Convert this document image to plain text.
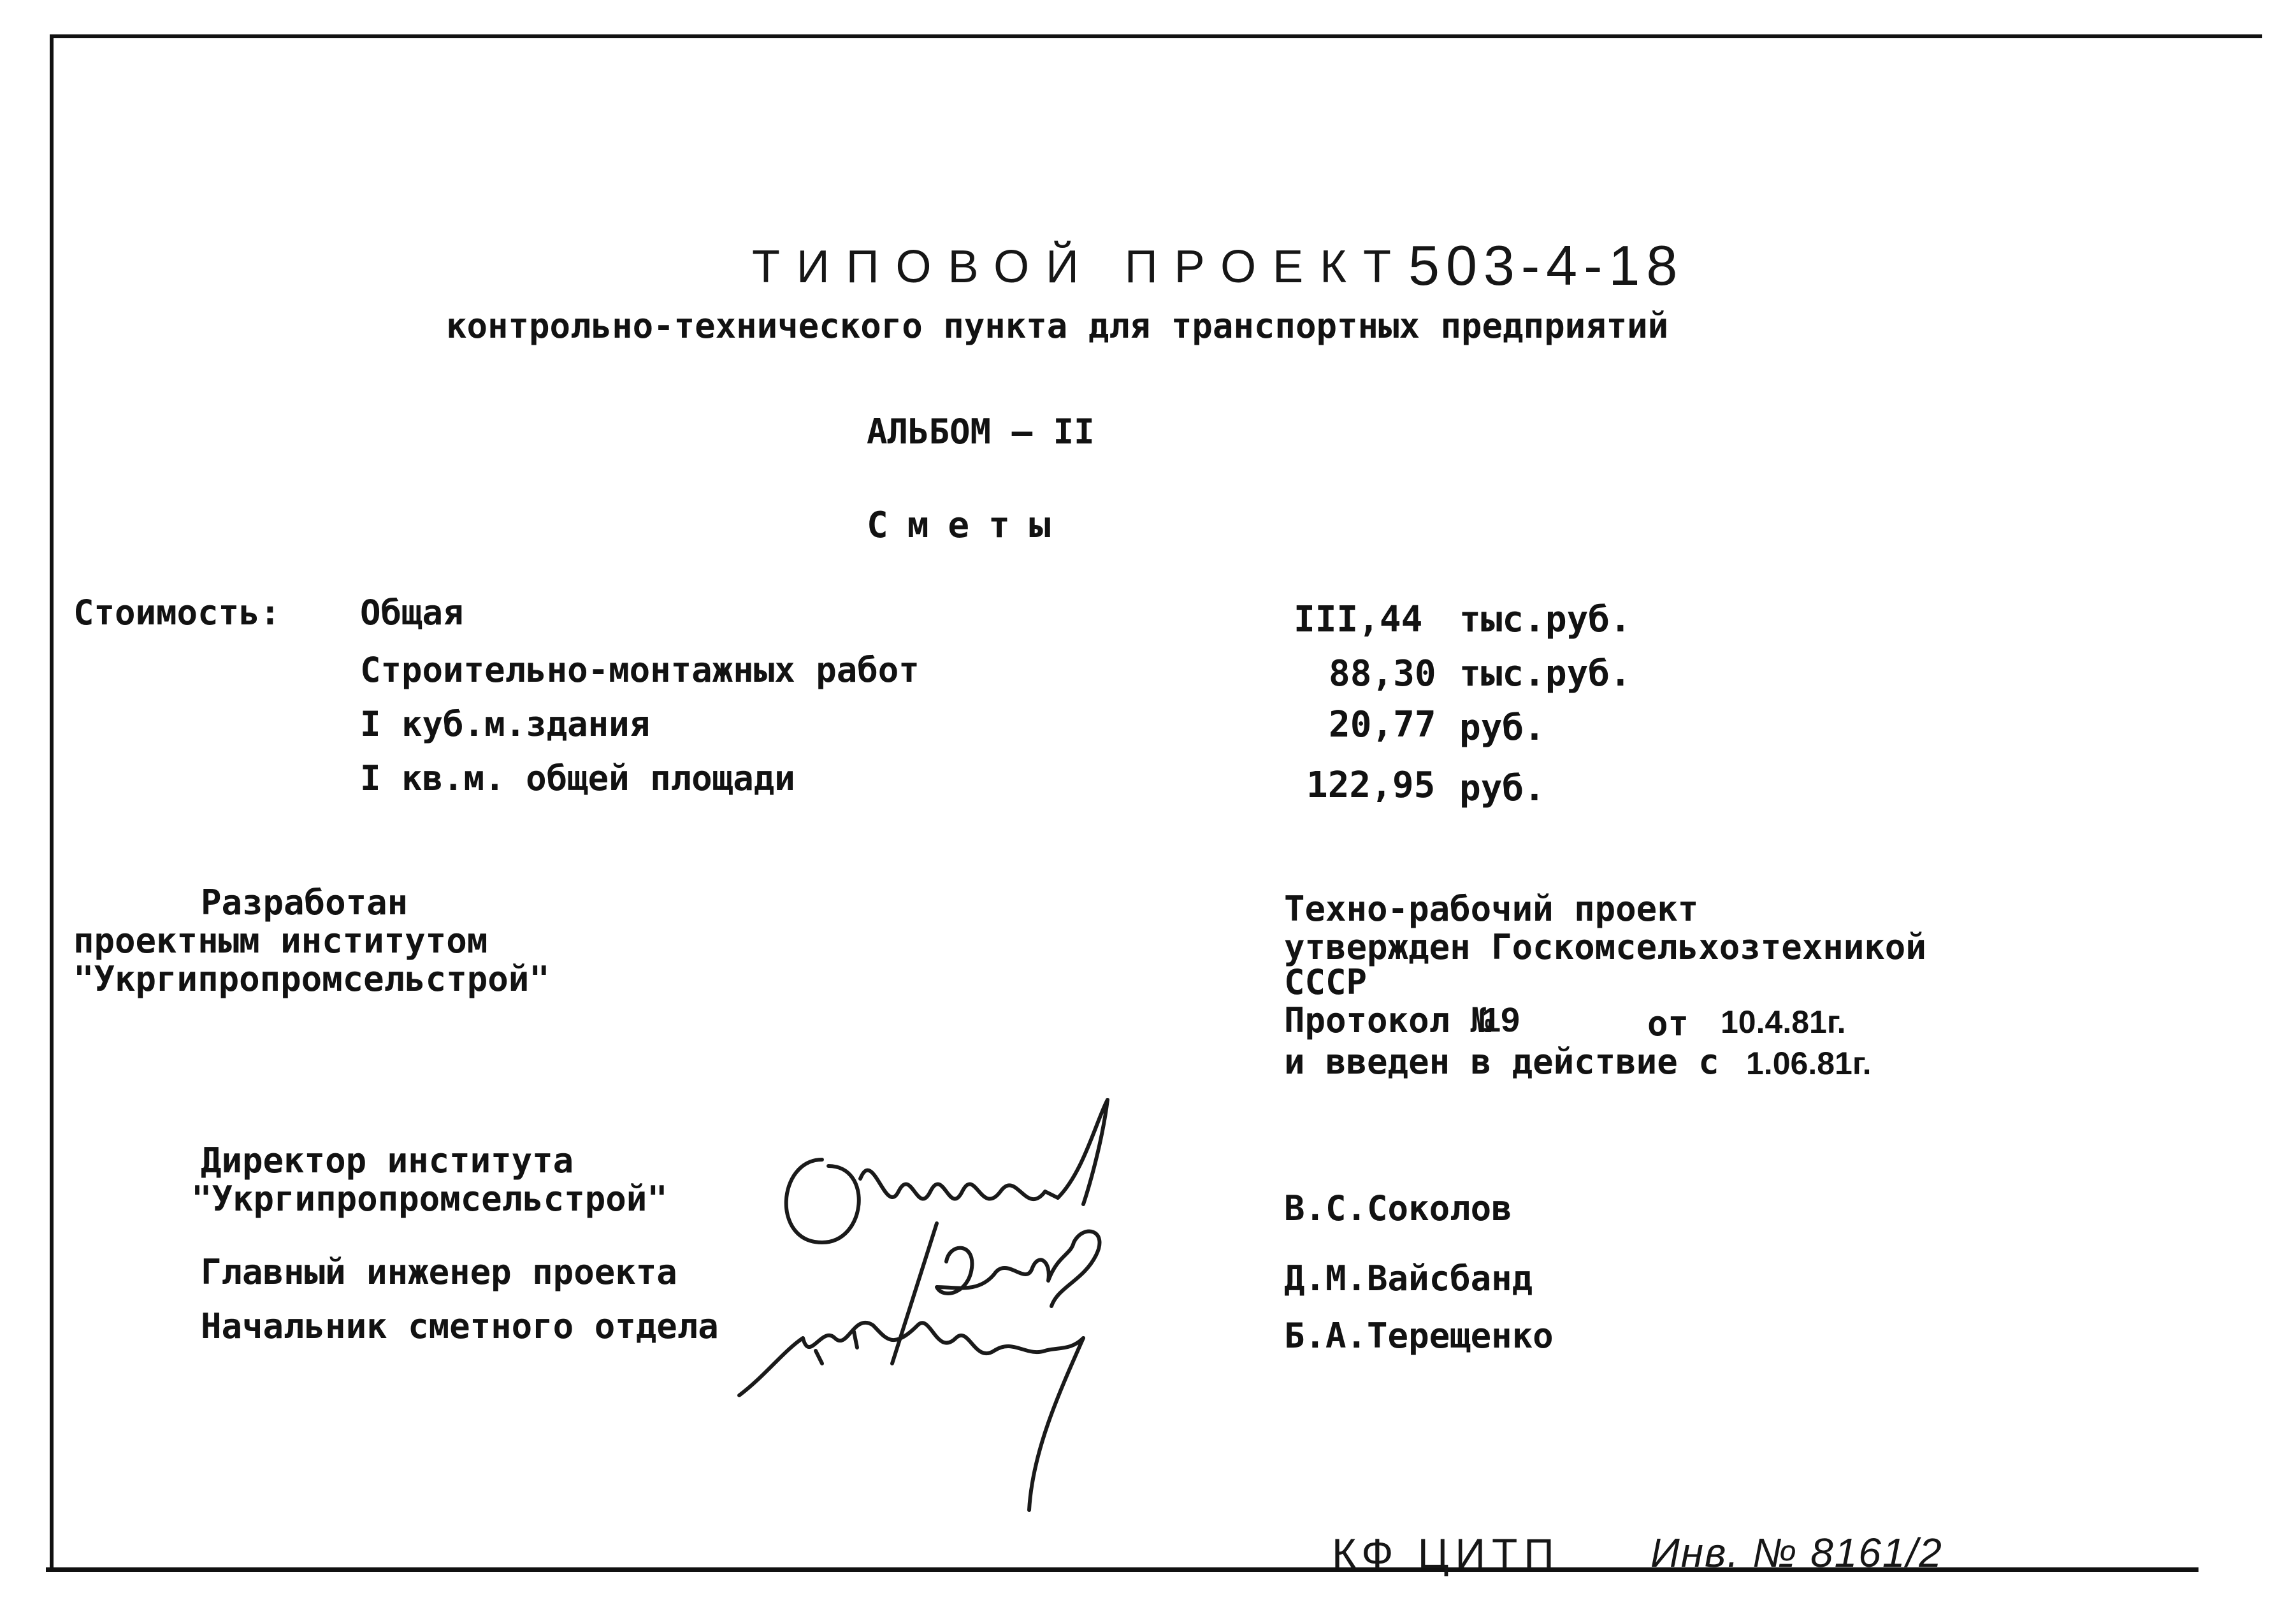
ТИПОВОЙ ПРОЕКТ 503-4-18
контрольно-технического пункта для транспортных предприятий
АЛЬБОМ – II
Сметы
Стоимость: Общая	III,44 тыс.руб.
Строительно-монтажных работ	88,30 тыс.руб.
I куб.м.здания	20,77 руб.
I кв.м. общей площади	122,95 руб.
Разработан
проектным институтом
"Укргипропромсельстрой"
Техно-рабочий проект
утвержден Госкомсельхозтехникой
СССР
Протокол №
19	от 10.4.81г.
и введен в действие с 1.06.81г.
Директор института
"Укргипропромсельстрой"
Главный инженер проекта
Начальник сметного отдела
В.С.Соколов
Д.М.Вайсбанд
Б.А.Терещенко
КФ ЦИТП Инв. № 8161/2
